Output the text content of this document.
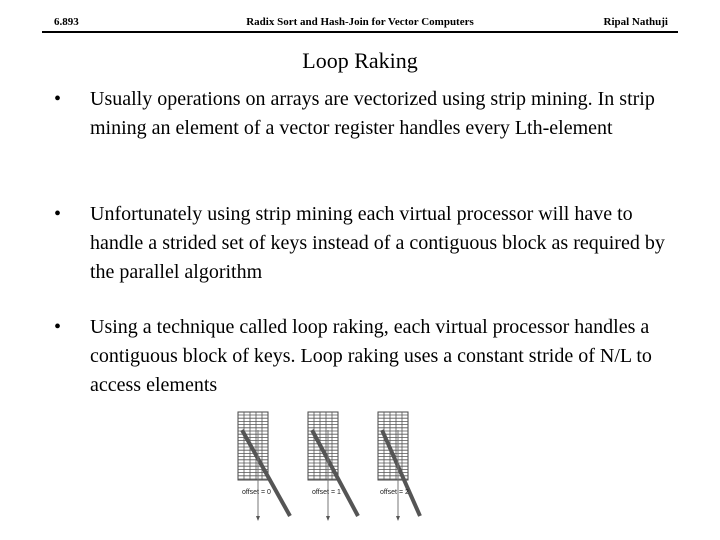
6.893	Radix Sort and Hash-Join for Vector Computers	Ripal Nathuji
Loop Raking
• Usually operations on arrays are vectorized using strip mining. In strip mining an element of a vector register handles every Lth-element
• Unfortunately using strip mining each virtual processor will have to handle a strided set of keys instead of a contiguous block as required by the parallel algorithm
• Using a technique called loop raking, each virtual processor handles a contiguous block of keys. Loop raking uses a constant stride of N/L to access elements
offset = 0	offset = 1	offset = 2
